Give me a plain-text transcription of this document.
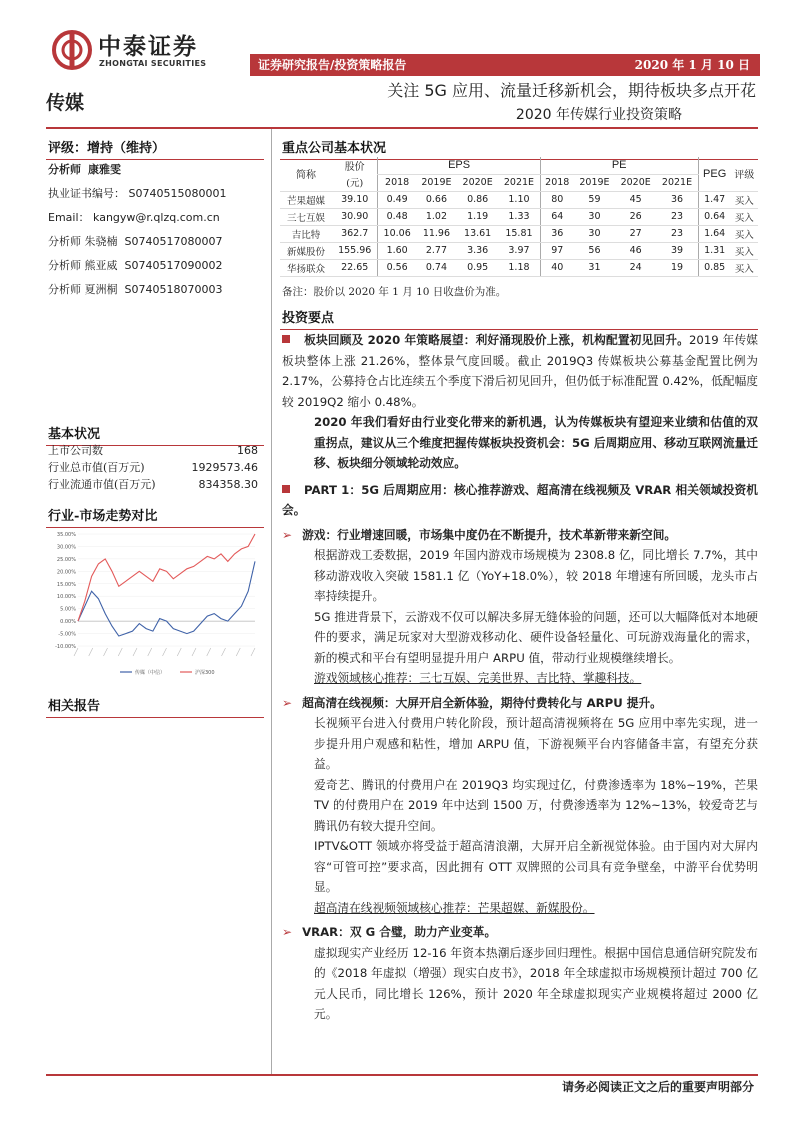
中泰证券
ZHONGTAI SECURITIES	证券研究报告/投资策略报告	2020 年 1 月 10 日
传媒
关注 5G 应用、流量迁移新机会，期待板块多点开花
2020 年传媒行业投资策略
评级：增持（维持）
分析师 康雅雯
执业证书编号： S0740515080001
Email： kangyw@r.qlzq.com.cn
分析师 朱骁楠 S0740517080007
分析师 熊亚威 S0740517090002
分析师 夏洲桐 S0740518070003
基本状况
上市公司数	168
行业总市值(百万元)	1929573.46
行业流通市值(百万元)	834358.30
行业-市场走势对比
35.00%
30.00%
25.00%
20.00%
15.00%
10.00%
5.00%
0.00%
-5.00%
-10.00%
传媒（中信）	沪深300
相关报告
重点公司基本状况
简称	股价	EPS				PE				PEG	评级
	(元)	2018	2019E	2020E	2021E	2018	2019E	2020E	2021E		
芒果超媒	39.10	0.49	0.66	0.86	1.10	80	59	45	36	1.47	买入
三七互娱	30.90	0.48	1.02	1.19	1.33	64	30	26	23	0.64	买入
吉比特	362.7	10.06	11.96	13.61	15.81	36	30	27	23	1.64	买入
新媒股份	155.96	1.60	2.77	3.36	3.97	97	56	46	39	1.31	买入
华扬联众	22.65	0.56	0.74	0.95	1.18	40	31	24	19	0.85	买入
备注：股价以 2020 年 1 月 10 日收盘价为准。
投资要点

板块回顾及 2020 年策略展望：利好涌现股价上涨，机构配置初见回升。2019 年传媒板块整体上涨 21.26%，整体景气度回暖。截止 2019Q3 传媒板块公募基金配置比例为 2.17%，公募持仓占比连续五个季度下滑后初见回升，但仍低于标准配置 0.42%，低配幅度较 2019Q2 缩小 0.48%。

2020 年我们看好由行业变化带来的新机遇，认为传媒板块有望迎来业绩和估值的双重拐点，建议从三个维度把握传媒板块投资机会：5G 后周期应用、移动互联网流量迁移、板块细分领域轮动效应。

PART 1：5G 后周期应用：核心推荐游戏、超高清在线视频及 VRAR 相关领域投资机会。

➢ 游戏：行业增速回暖，市场集中度仍在不断提升，技术革新带来新空间。

根据游戏工委数据，2019 年国内游戏市场规模为 2308.8 亿，同比增长 7.7%，其中移动游戏收入突破 1581.1 亿（YoY+18.0%），较 2018 年增速有所回暖，龙头市占率持续提升。

5G 推进背景下，云游戏不仅可以解决多屏无缝体验的问题，还可以大幅降低对本地硬件的要求，满足玩家对大型游戏移动化、硬件设备轻量化、可玩游戏海量化的需求，新的模式和平台有望明显提升用户 ARPU 值，带动行业规模继续增长。

游戏领域核心推荐：三七互娱、完美世界、吉比特、掌趣科技。

➢ 超高清在线视频：大屏开启全新体验，期待付费转化与 ARPU 提升。

长视频平台进入付费用户转化阶段，预计超高清视频将在 5G 应用中率先实现，进一步提升用户观感和粘性，增加 ARPU 值，下游视频平台内容储备丰富，有望充分获益。

爱奇艺、腾讯的付费用户在 2019Q3 均实现过亿，付费渗透率为 18%~19%，芒果 TV 的付费用户在 2019 年中达到 1500 万，付费渗透率为 12%~13%，较爱奇艺与腾讯仍有较大提升空间。

IPTV&OTT 领域亦将受益于超高清浪潮，大屏开启全新视觉体验。由于国内对大屏内容“可管可控”要求高，因此拥有 OTT 双牌照的公司具有竞争壁垒，中游平台优势明显。

超高清在线视频领域核心推荐：芒果超媒、新媒股份。

➢ VRAR：双 G 合璧，助力产业变革。

虚拟现实产业经历 12-16 年资本热潮后逐步回归理性。根据中国信息通信研究院发布的《2018 年虚拟（增强）现实白皮书》，2018 年全球虚拟市场规模预计超过 700 亿元人民币，同比增长 126%，预计 2020 年全球虚拟现实产业规模将超过 2000 亿元。

请务必阅读正文之后的重要声明部分
